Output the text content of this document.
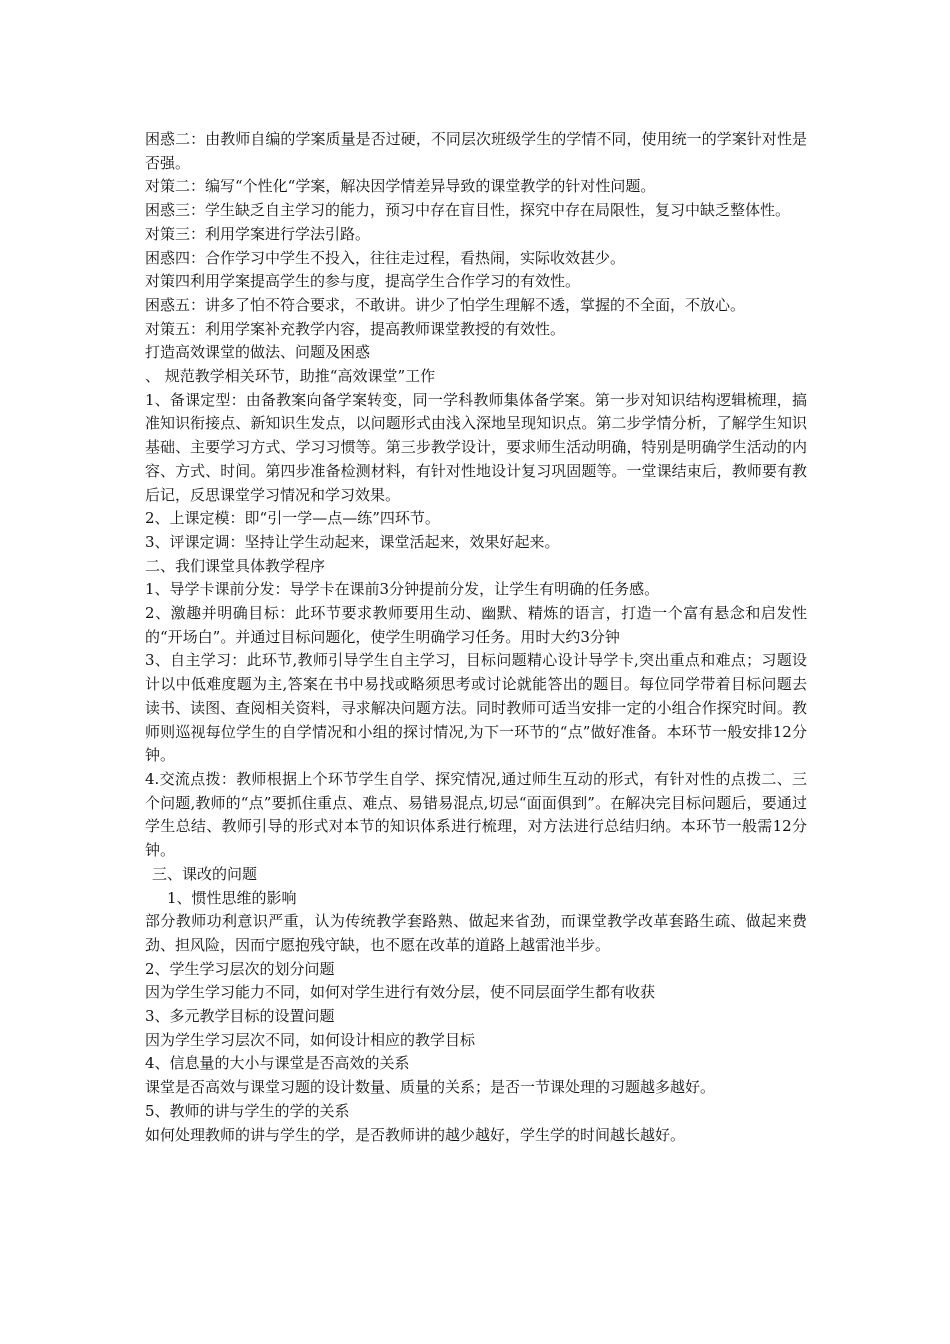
困惑二：由教师自编的学案质量是否过硬，不同层次班级学生的学情不同，使用统一的学案针对性是否强。

对策二：编写“个性化“学案，解决因学情差异导致的课堂教学的针对性问题。

困惑三：学生缺乏自主学习的能力，预习中存在盲目性，探究中存在局限性，复习中缺乏整体性。

对策三：利用学案进行学法引路。

困惑四：合作学习中学生不投入，往往走过程，看热闹，实际收效甚少。

对策四利用学案提高学生的参与度，提高学生合作学习的有效性。

困惑五：讲多了怕不符合要求，不敢讲。讲少了怕学生理解不透，掌握的不全面，不放心。

对策五：利用学案补充教学内容，提高教师课堂教授的有效性。

打造高效课堂的做法、问题及困惑

、 规范教学相关环节，助推“高效课堂”工作

1、备课定型：由备教案向备学案转变，同一学科教师集体备学案。第一步对知识结构逻辑梳理，搞准知识衔接点、新知识生发点，以问题形式由浅入深地呈现知识点。第二步学情分析，了解学生知识基础、主要学习方式、学习习惯等。第三步教学设计，要求师生活动明确，特别是明确学生活动的内容、方式、时间。第四步准备检测材料，有针对性地设计复习巩固题等。一堂课结束后，教师要有教后记，反思课堂学习情况和学习效果。

2、上课定模：即“引一学—点—练”四环节。

3、评课定调：坚持让学生动起来，课堂活起来，效果好起来。

二、我们课堂具体教学程序

1、导学卡课前分发：导学卡在课前3分钟提前分发，让学生有明确的任务感。

2、激趣并明确目标：此环节要求教师要用生动、幽默、精炼的语言，打造一个富有悬念和启发性的“开场白”。并通过目标问题化，使学生明确学习任务。用时大约3分钟

3、自主学习：此环节,教师引导学生自主学习，目标问题精心设计导学卡,突出重点和难点；习题设计以中低难度题为主,答案在书中易找或略须思考或讨论就能答出的题目。每位同学带着目标问题去读书、读图、查阅相关资料，寻求解决问题方法。同时教师可适当安排一定的小组合作探究时间。教师则巡视每位学生的自学情况和小组的探讨情况,为下一环节的“点”做好准备。本环节一般安排12分钟。

4.交流点拨：教师根据上个环节学生自学、探究情况,通过师生互动的形式，有针对性的点拨二、三个问题,教师的“点”要抓住重点、难点、易错易混点,切忌“面面俱到”。在解决完目标问题后，要通过学生总结、教师引导的形式对本节的知识体系进行梳理，对方法进行总结归纳。本环节一般需12分钟。

三、课改的问题

1、惯性思维的影响

部分教师功利意识严重，认为传统教学套路熟、做起来省劲，而课堂教学改革套路生疏、做起来费劲、担风险，因而宁愿抱残守缺，也不愿在改革的道路上越雷池半步。

2、学生学习层次的划分问题

因为学生学习能力不同，如何对学生进行有效分层，使不同层面学生都有收获

3、多元教学目标的设置问题

因为学生学习层次不同，如何设计相应的教学目标

4、信息量的大小与课堂是否高效的关系

课堂是否高效与课堂习题的设计数量、质量的关系；是否一节课处理的习题越多越好。

5、教师的讲与学生的学的关系

如何处理教师的讲与学生的学，是否教师讲的越少越好，学生学的时间越长越好。
